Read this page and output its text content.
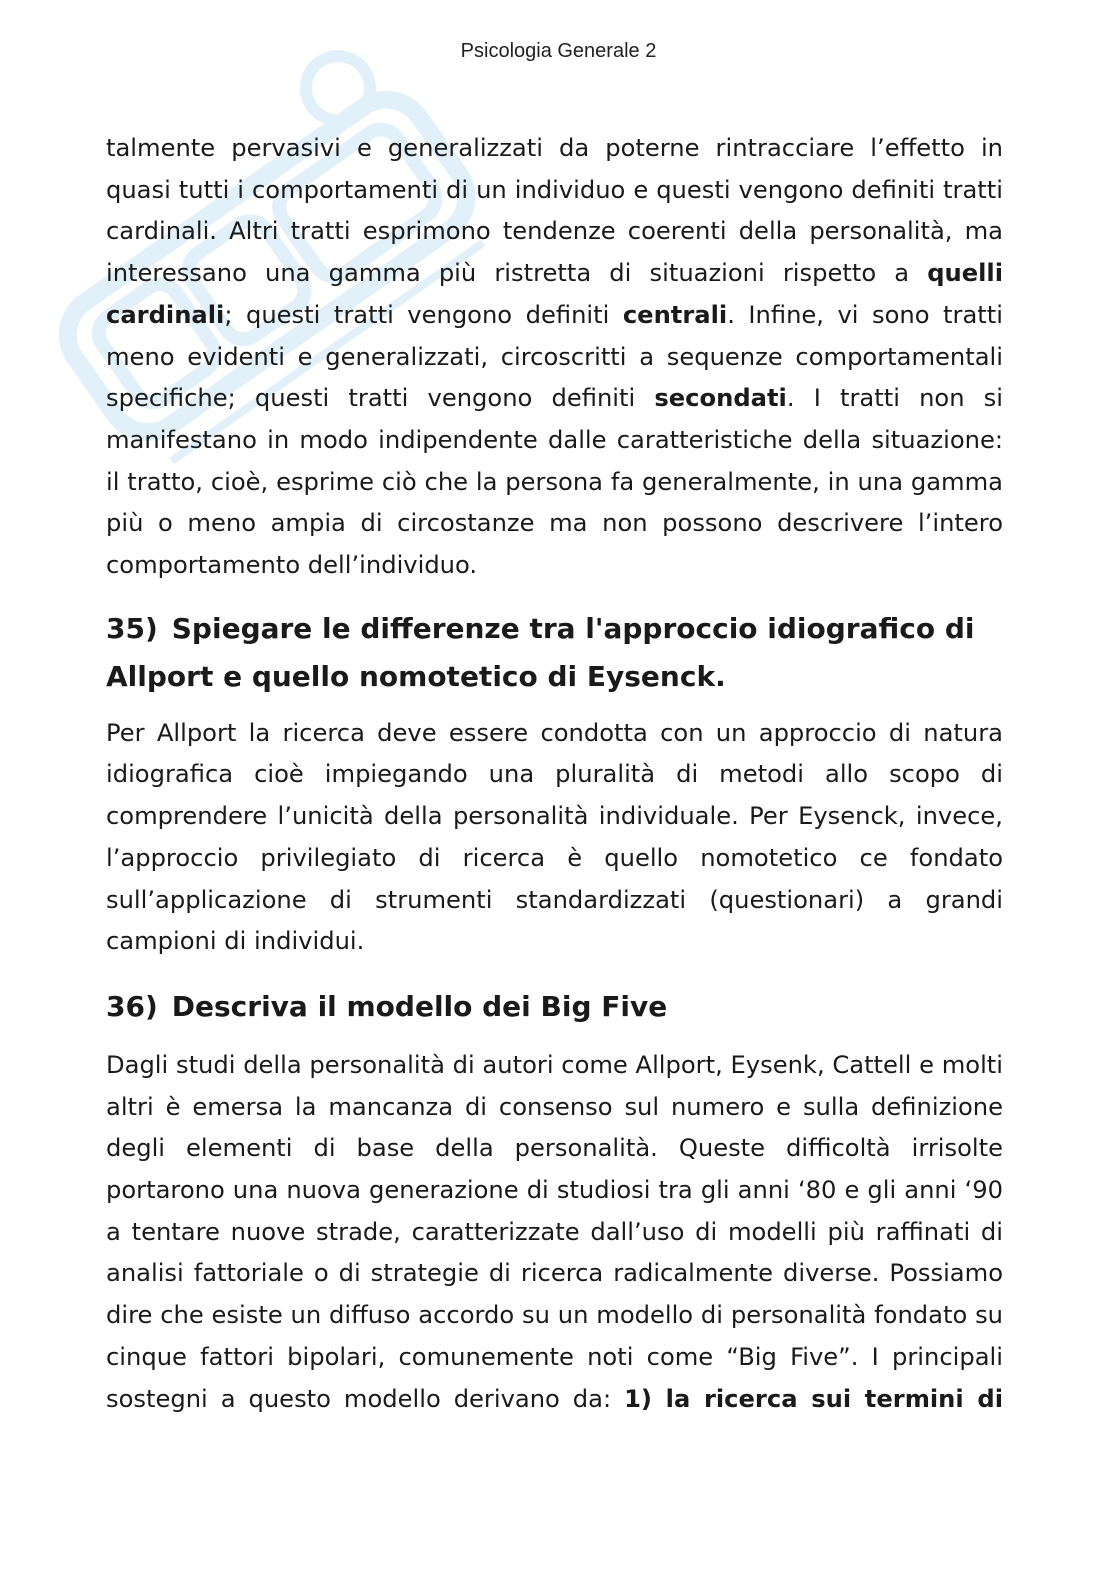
Psicologia Generale 2

talmente pervasivi e generalizzati da poterne rintracciare l’effetto in quasi tutti i comportamenti di un individuo e questi vengono definiti tratti cardinali. Altri tratti esprimono tendenze coerenti della personalità, ma interessano una gamma più ristretta di situazioni rispetto a quelli cardinali; questi tratti vengono definiti centrali. Infine, vi sono tratti meno evidenti e generalizzati, circoscritti a sequenze comportamentali specifiche; questi tratti vengono definiti secondati. I tratti non si manifestano in modo indipendente dalle caratteristiche della situazione: il tratto, cioè, esprime ciò che la persona fa generalmente, in una gamma più o meno ampia di circostanze ma non possono descrivere l’intero comportamento dell’individuo.

35) Spiegare le differenze tra l'approccio idiografico di Allport e quello nomotetico di Eysenck.

Per Allport la ricerca deve essere condotta con un approccio di natura idiografica cioè impiegando una pluralità di metodi allo scopo di comprendere l’unicità della personalità individuale. Per Eysenck, invece, l’approccio privilegiato di ricerca è quello nomotetico ce fondato sull’applicazione di strumenti standardizzati (questionari) a grandi campioni di individui.

36) Descriva il modello dei Big Five

Dagli studi della personalità di autori come Allport, Eysenk, Cattell e molti altri è emersa la mancanza di consenso sul numero e sulla definizione degli elementi di base della personalità. Queste difficoltà irrisolte portarono una nuova generazione di studiosi tra gli anni ‘80 e gli anni ‘90 a tentare nuove strade, caratterizzate dall’uso di modelli più raffinati di analisi fattoriale o di strategie di ricerca radicalmente diverse. Possiamo dire che esiste un diffuso accordo su un modello di personalità fondato su cinque fattori bipolari, comunemente noti come “Big Five”. I principali sostegni a questo modello derivano da: 1) la ricerca sui termini di
